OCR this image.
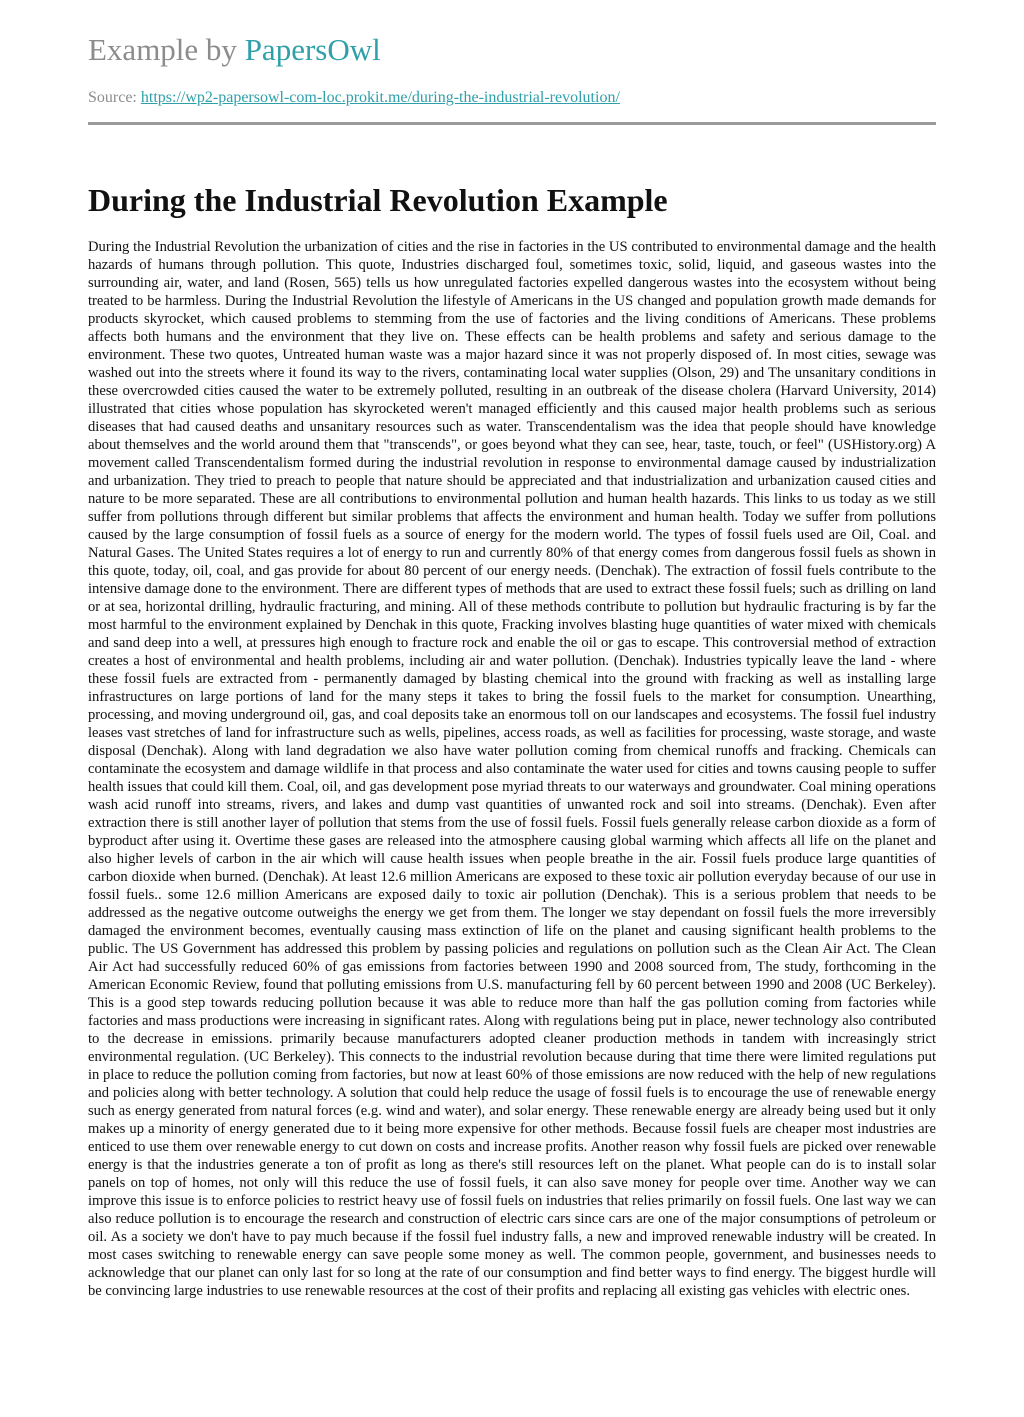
Example by PapersOwl
Source: https://wp2-papersowl-com-loc.prokit.me/during-the-industrial-revolution/
During the Industrial Revolution Example

During the Industrial Revolution the urbanization of cities and the rise in factories in the US contributed to environmental damage and the health hazards of humans through pollution. This quote, Industries discharged foul, sometimes toxic, solid, liquid, and gaseous wastes into the surrounding air, water, and land (Rosen, 565) tells us how unregulated factories expelled dangerous wastes into the ecosystem without being treated to be harmless. During the Industrial Revolution the lifestyle of Americans in the US changed and population growth made demands for products skyrocket, which caused problems to stemming from the use of factories and the living conditions of Americans. These problems affects both humans and the environment that they live on. These effects can be health problems and safety and serious damage to the environment. These two quotes, Untreated human waste was a major hazard since it was not properly disposed of. In most cities, sewage was washed out into the streets where it found its way to the rivers, contaminating local water supplies (Olson, 29) and The unsanitary conditions in these overcrowded cities caused the water to be extremely polluted, resulting in an outbreak of the disease cholera (Harvard University, 2014) illustrated that cities whose population has skyrocketed weren't managed efficiently and this caused major health problems such as serious diseases that had caused deaths and unsanitary resources such as water. Transcendentalism was the idea that people should have knowledge about themselves and the world around them that "transcends", or goes beyond what they can see, hear, taste, touch, or feel" (USHistory.org) A movement called Transcendentalism formed during the industrial revolution in response to environmental damage caused by industrialization and urbanization. They tried to preach to people that nature should be appreciated and that industrialization and urbanization caused cities and nature to be more separated. These are all contributions to environmental pollution and human health hazards. This links to us today as we still suffer from pollutions through different but similar problems that affects the environment and human health. Today we suffer from pollutions caused by the large consumption of fossil fuels as a source of energy for the modern world. The types of fossil fuels used are Oil, Coal. and Natural Gases. The United States requires a lot of energy to run and currently 80% of that energy comes from dangerous fossil fuels as shown in this quote, today, oil, coal, and gas provide for about 80 percent of our energy needs. (Denchak). The extraction of fossil fuels contribute to the intensive damage done to the environment. There are different types of methods that are used to extract these fossil fuels; such as drilling on land or at sea, horizontal drilling, hydraulic fracturing, and mining. All of these methods contribute to pollution but hydraulic fracturing is by far the most harmful to the environment explained by Denchak in this quote, Fracking involves blasting huge quantities of water mixed with chemicals and sand deep into a well, at pressures high enough to fracture rock and enable the oil or gas to escape. This controversial method of extraction creates a host of environmental and health problems, including air and water pollution. (Denchak). Industries typically leave the land - where these fossil fuels are extracted from - permanently damaged by blasting chemical into the ground with fracking as well as installing large infrastructures on large portions of land for the many steps it takes to bring the fossil fuels to the market for consumption. Unearthing, processing, and moving underground oil, gas, and coal deposits take an enormous toll on our landscapes and ecosystems. The fossil fuel industry leases vast stretches of land for infrastructure such as wells, pipelines, access roads, as well as facilities for processing, waste storage, and waste disposal (Denchak). Along with land degradation we also have water pollution coming from chemical runoffs and fracking. Chemicals can contaminate the ecosystem and damage wildlife in that process and also contaminate the water used for cities and towns causing people to suffer health issues that could kill them. Coal, oil, and gas development pose myriad threats to our waterways and groundwater. Coal mining operations wash acid runoff into streams, rivers, and lakes and dump vast quantities of unwanted rock and soil into streams. (Denchak). Even after extraction there is still another layer of pollution that stems from the use of fossil fuels. Fossil fuels generally release carbon dioxide as a form of byproduct after using it. Overtime these gases are released into the atmosphere causing global warming which affects all life on the planet and also higher levels of carbon in the air which will cause health issues when people breathe in the air. Fossil fuels produce large quantities of carbon dioxide when burned. (Denchak). At least 12.6 million Americans are exposed to these toxic air pollution everyday because of our use in fossil fuels.. some 12.6 million Americans are exposed daily to toxic air pollution (Denchak). This is a serious problem that needs to be addressed as the negative outcome outweighs the energy we get from them. The longer we stay dependant on fossil fuels the more irreversibly damaged the environment becomes, eventually causing mass extinction of life on the planet and causing significant health problems to the public. The US Government has addressed this problem by passing policies and regulations on pollution such as the Clean Air Act. The Clean Air Act had successfully reduced 60% of gas emissions from factories between 1990 and 2008 sourced from, The study, forthcoming in the American Economic Review, found that polluting emissions from U.S. manufacturing fell by 60 percent between 1990 and 2008 (UC Berkeley). This is a good step towards reducing pollution because it was able to reduce more than half the gas pollution coming from factories while factories and mass productions were increasing in significant rates. Along with regulations being put in place, newer technology also contributed to the decrease in emissions. primarily because manufacturers adopted cleaner production methods in tandem with increasingly strict environmental regulation. (UC Berkeley). This connects to the industrial revolution because during that time there were limited regulations put in place to reduce the pollution coming from factories, but now at least 60% of those emissions are now reduced with the help of new regulations and policies along with better technology. A solution that could help reduce the usage of fossil fuels is to encourage the use of renewable energy such as energy generated from natural forces (e.g. wind and water), and solar energy. These renewable energy are already being used but it only makes up a minority of energy generated due to it being more expensive for other methods. Because fossil fuels are cheaper most industries are enticed to use them over renewable energy to cut down on costs and increase profits. Another reason why fossil fuels are picked over renewable energy is that the industries generate a ton of profit as long as there's still resources left on the planet. What people can do is to install solar panels on top of homes, not only will this reduce the use of fossil fuels, it can also save money for people over time. Another way we can improve this issue is to enforce policies to restrict heavy use of fossil fuels on industries that relies primarily on fossil fuels. One last way we can also reduce pollution is to encourage the research and construction of electric cars since cars are one of the major consumptions of petroleum or oil. As a society we don't have to pay much because if the fossil fuel industry falls, a new and improved renewable industry will be created. In most cases switching to renewable energy can save people some money as well. The common people, government, and businesses needs to acknowledge that our planet can only last for so long at the rate of our consumption and find better ways to find energy. The biggest hurdle will be convincing large industries to use renewable resources at the cost of their profits and replacing all existing gas vehicles with electric ones.
